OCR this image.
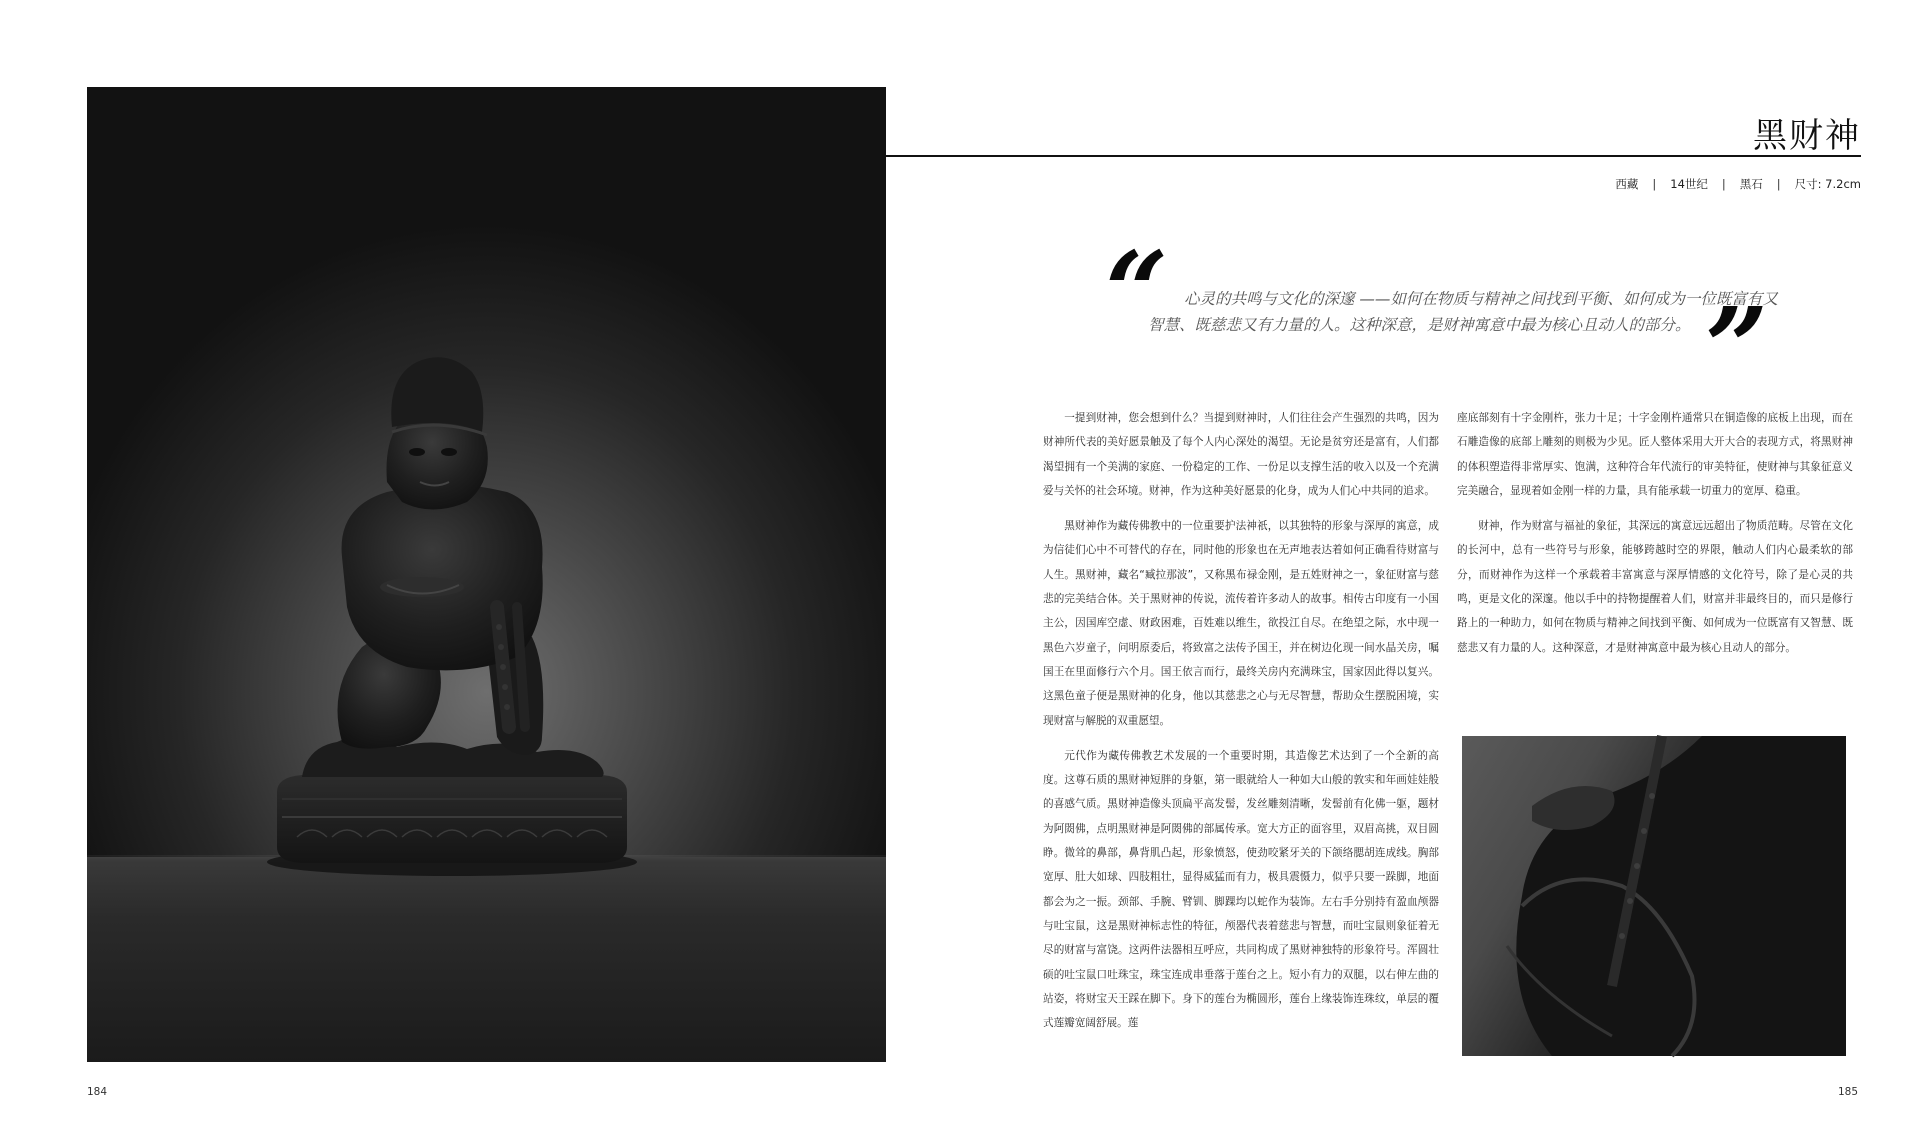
184
黑财神
西藏 | 14世纪 | 黑石 | 尺寸: 7.2cm
“	心灵的共鸣与文化的深邃 ——如何在物质与精神之间找到平衡、如何成为一位既富有又
智慧、既慈悲又有力量的人。这种深意，是财神寓意中最为核心且动人的部分。 ”

一提到财神，您会想到什么？当提到财神时，人们往往会产生强烈的共鸣，因为财神所代表的美好愿景触及了每个人内心深处的渴望。无论是贫穷还是富有，人们都渴望拥有一个美满的家庭、一份稳定的工作、一份足以支撑生活的收入以及一个充满爱与关怀的社会环境。财神，作为这种美好愿景的化身，成为人们心中共同的追求。

黑财神作为藏传佛教中的一位重要护法神祇，以其独特的形象与深厚的寓意，成为信徒们心中不可替代的存在，同时他的形象也在无声地表达着如何正确看待财富与人生。黑财神，藏名“臧拉那波”，又称黑布禄金刚，是五姓财神之一，象征财富与慈悲的完美结合体。关于黑财神的传说，流传着许多动人的故事。相传古印度有一小国主公，因国库空虚、财政困难，百姓难以维生，欲投江自尽。在绝望之际，水中现一黑色六岁童子，问明原委后，将致富之法传予国王，并在树边化现一间水晶关房，嘱国王在里面修行六个月。国王依言而行，最终关房内充满珠宝，国家因此得以复兴。这黑色童子便是黑财神的化身，他以其慈悲之心与无尽智慧，帮助众生摆脱困境，实现财富与解脱的双重愿望。

元代作为藏传佛教艺术发展的一个重要时期，其造像艺术达到了一个全新的高度。这尊石质的黑财神短胖的身躯，第一眼就给人一种如大山般的敦实和年画娃娃般的喜感气质。黑财神造像头顶扁平高发髻，发丝雕刻清晰，发髻前有化佛一躯，题材为阿閦佛，点明黑财神是阿閦佛的部属传承。宽大方正的面容里，双眉高挑，双目圆睁。微耸的鼻部，鼻背肌凸起，形象愤怒，使劲咬紧牙关的下颌络腮胡连成线。胸部宽厚、肚大如球、四肢粗壮，显得威猛而有力，极具震慑力，似乎只要一跺脚，地面都会为之一振。颈部、手腕、臂钏、脚踝均以蛇作为装饰。左右手分别持有盈血颅器与吐宝鼠，这是黑财神标志性的特征，颅器代表着慈悲与智慧，而吐宝鼠则象征着无尽的财富与富饶。这两件法器相互呼应，共同构成了黑财神独特的形象符号。浑圆壮硕的吐宝鼠口吐珠宝，珠宝连成串垂落于莲台之上。短小有力的双腿，以右伸左曲的站姿，将财宝天王踩在脚下。身下的莲台为椭圆形，莲台上缘装饰连珠纹，单层的覆式莲瓣宽阔舒展。莲

座底部刻有十字金刚杵，张力十足；十字金刚杵通常只在铜造像的底板上出现，而在石雕造像的底部上雕刻的则极为少见。匠人整体采用大开大合的表现方式，将黑财神的体积塑造得非常厚实、饱满，这种符合年代流行的审美特征，使财神与其象征意义完美融合，显现着如金刚一样的力量，具有能承载一切重力的宽厚、稳重。

财神，作为财富与福祉的象征，其深远的寓意远远超出了物质范畴。尽管在文化的长河中，总有一些符号与形象，能够跨越时空的界限，触动人们内心最柔软的部分，而财神作为这样一个承载着丰富寓意与深厚情感的文化符号，除了是心灵的共鸣，更是文化的深邃。他以手中的持物提醒着人们，财富并非最终目的，而只是修行路上的一种助力，如何在物质与精神之间找到平衡、如何成为一位既富有又智慧、既慈悲又有力量的人。这种深意，才是财神寓意中最为核心且动人的部分。

185
